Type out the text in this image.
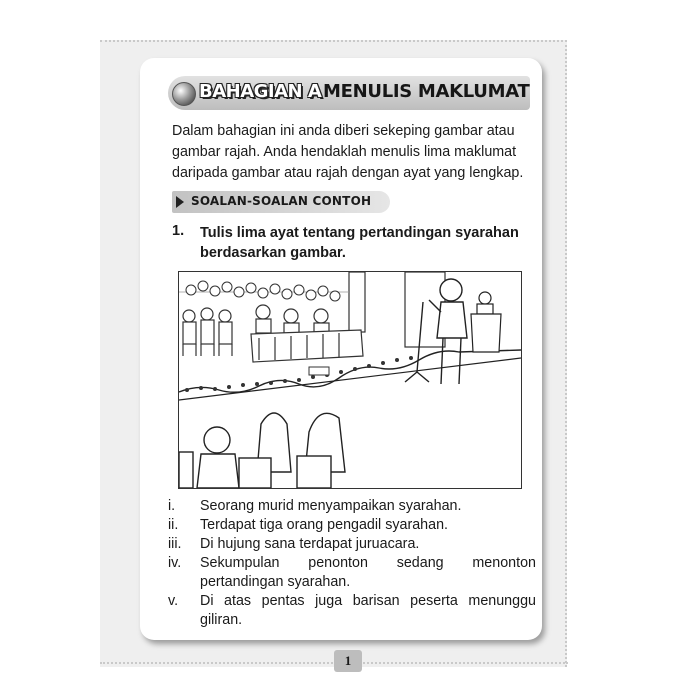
BAHAGIAN A MENULIS MAKLUMAT

Dalam bahagian ini anda diberi sekeping gambar atau gambar rajah. Anda hendaklah menulis lima maklumat daripada gambar atau rajah dengan ayat yang lengkap.

SOALAN-SOALAN CONTOH
1. Tulis lima ayat tentang pertandingan syarahan berdasarkan gambar.
i.	Seorang murid menyampaikan syarahan.
ii.	Terdapat tiga orang pengadil syarahan.
iii.	Di hujung sana terdapat juruacara.
iv.	Sekumpulan penonton sedang menonton pertandingan syarahan.
v.	Di atas pentas juga barisan peserta menunggu giliran.
1
